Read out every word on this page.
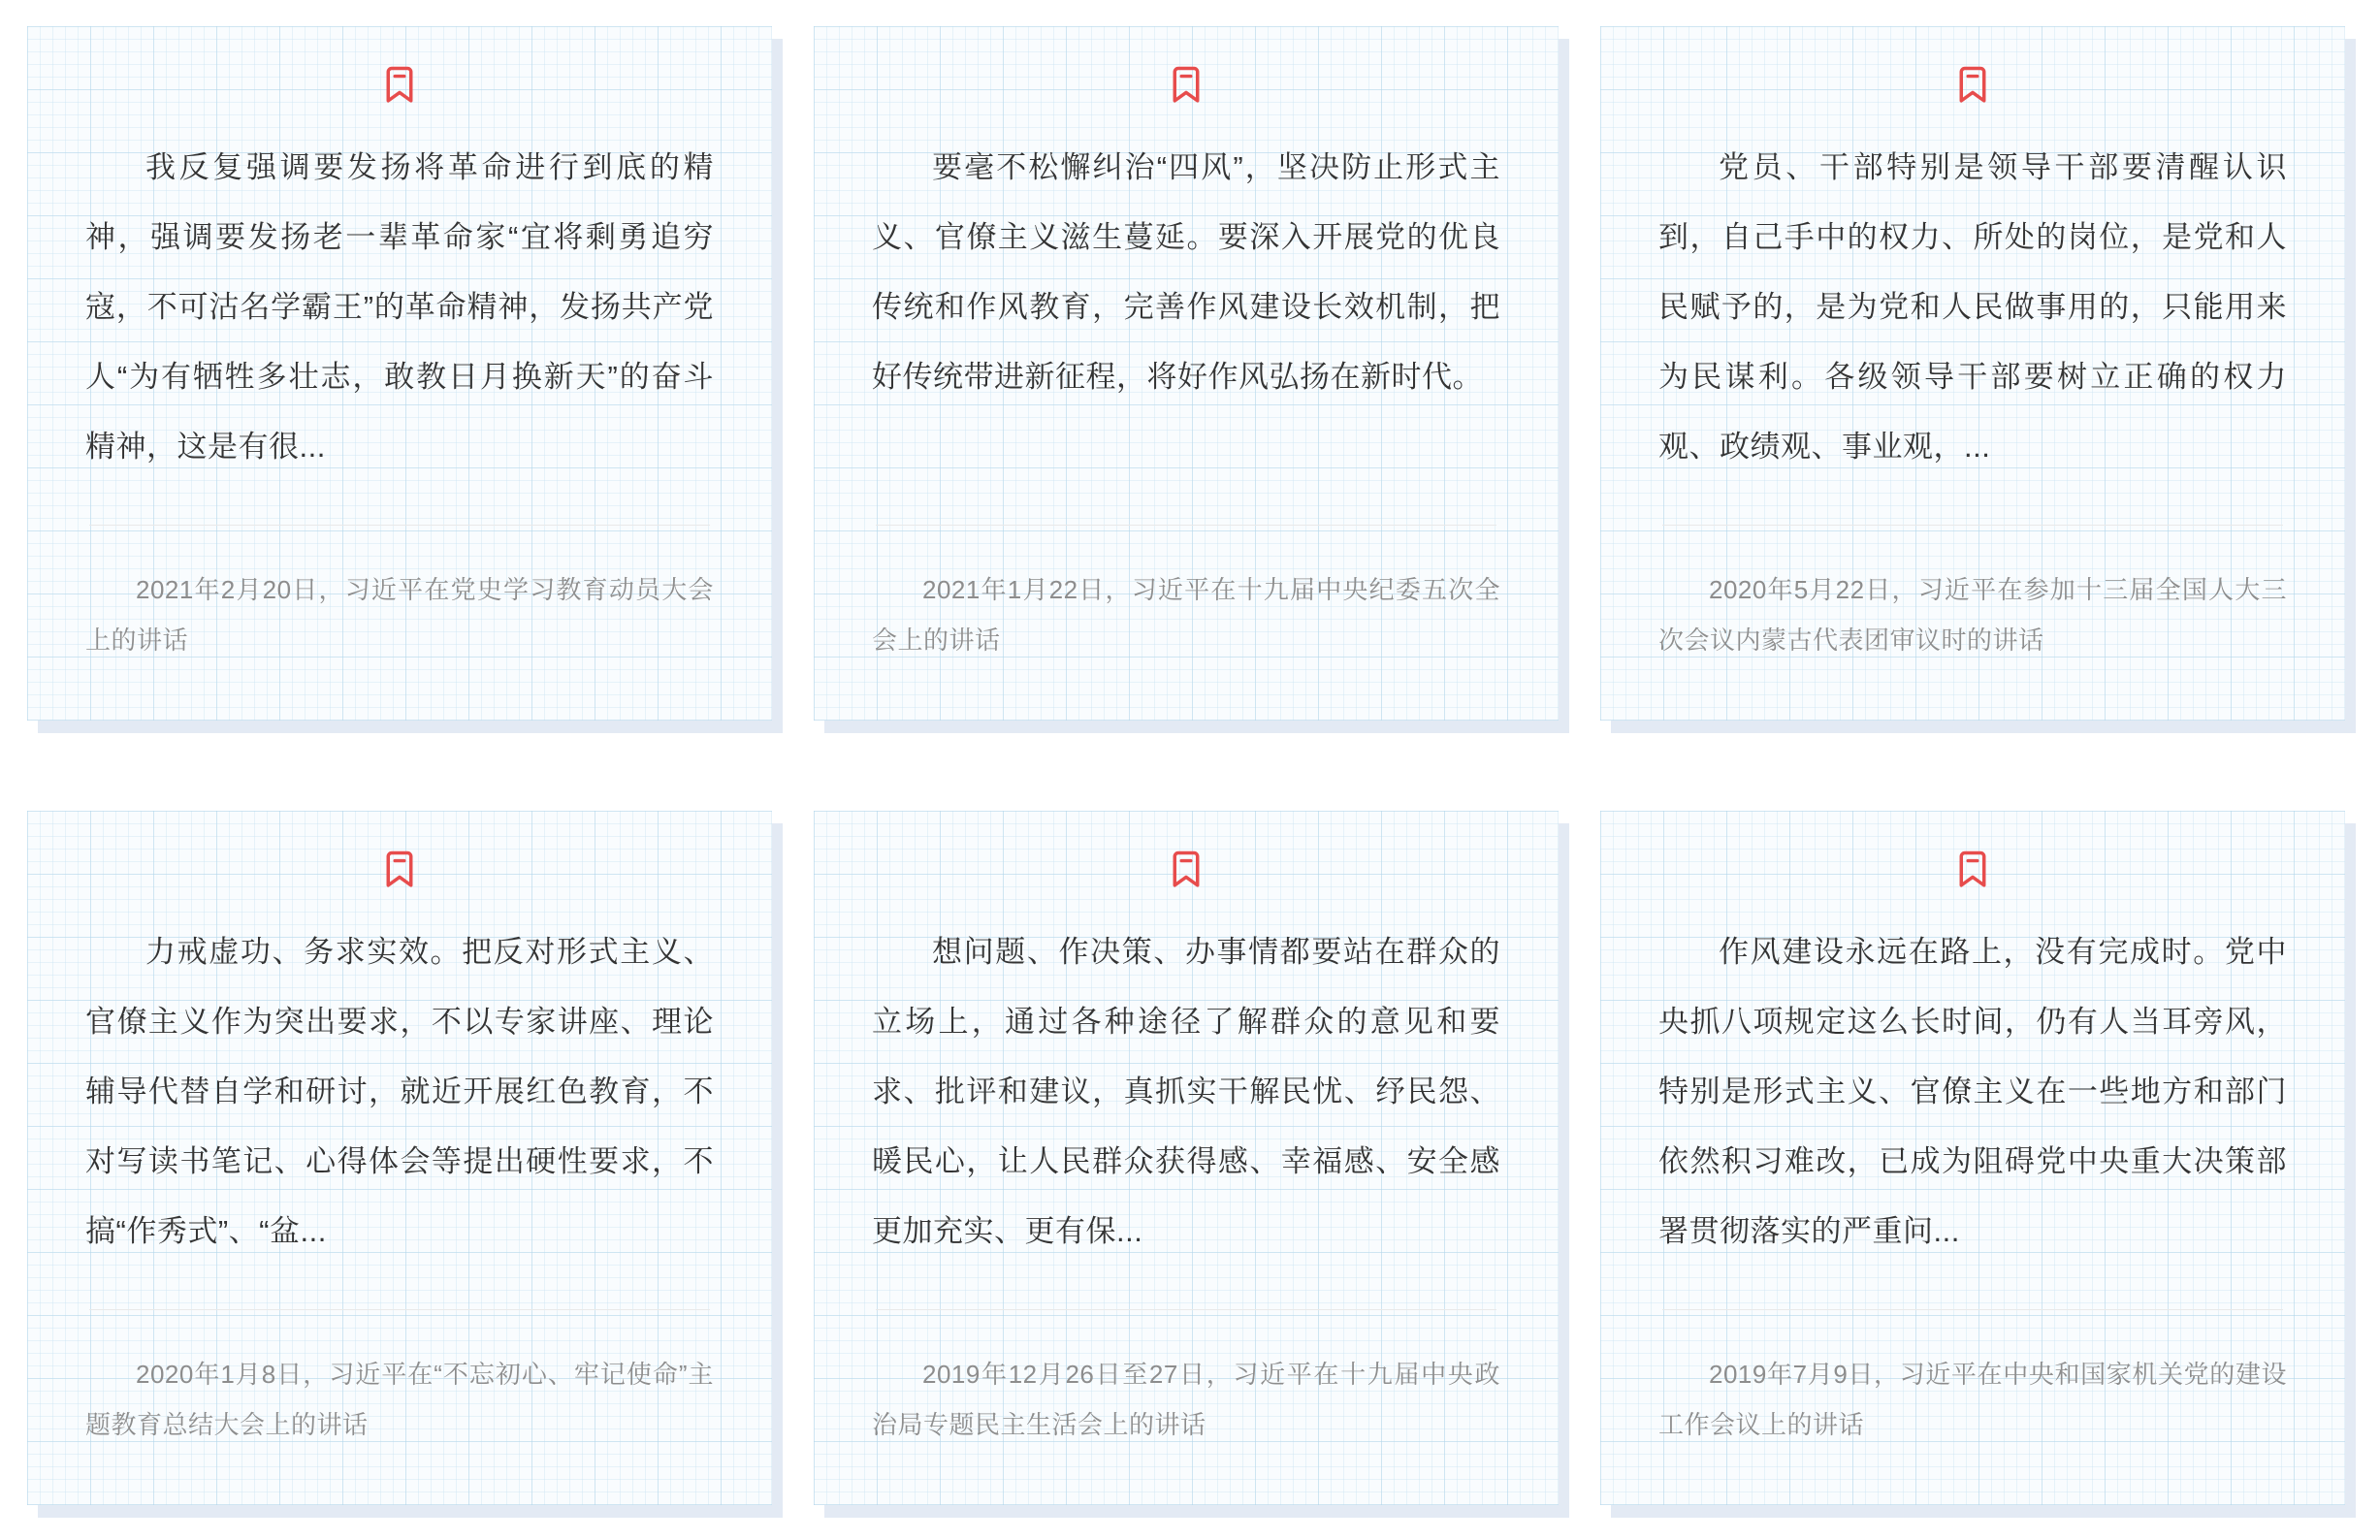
我反复强调要发扬将革命进行到底的精神，强调要发扬老一辈革命家“宜将剩勇追穷寇，不可沽名学霸王”的革命精神，发扬共产党人“为有牺牲多壮志，敢教日月换新天”的奋斗精神，这是有很...

2021年2月20日，习近平在党史学习教育动员大会上的讲话

要毫不松懈纠治“四风”，坚决防止形式主义、官僚主义滋生蔓延。要深入开展党的优良传统和作风教育，完善作风建设长效机制，把好传统带进新征程，将好作风弘扬在新时代。

2021年1月22日，习近平在十九届中央纪委五次全会上的讲话

党员、干部特别是领导干部要清醒认识到，自己手中的权力、所处的岗位，是党和人民赋予的，是为党和人民做事用的，只能用来为民谋利。各级领导干部要树立正确的权力观、政绩观、事业观，...

2020年5月22日，习近平在参加十三届全国人大三次会议内蒙古代表团审议时的讲话

力戒虚功、务求实效。把反对形式主义、官僚主义作为突出要求，不以专家讲座、理论辅导代替自学和研讨，就近开展红色教育，不对写读书笔记、心得体会等提出硬性要求，不搞“作秀式”、“盆...

2020年1月8日，习近平在“不忘初心、牢记使命”主题教育总结大会上的讲话

想问题、作决策、办事情都要站在群众的立场上，通过各种途径了解群众的意见和要求、批评和建议，真抓实干解民忧、纾民怨、暖民心，让人民群众获得感、幸福感、安全感更加充实、更有保...

2019年12月26日至27日，习近平在十九届中央政治局专题民主生活会上的讲话

作风建设永远在路上，没有完成时。党中央抓八项规定这么长时间，仍有人当耳旁风，特别是形式主义、官僚主义在一些地方和部门依然积习难改，已成为阻碍党中央重大决策部署贯彻落实的严重问...

2019年7月9日，习近平在中央和国家机关党的建设工作会议上的讲话
